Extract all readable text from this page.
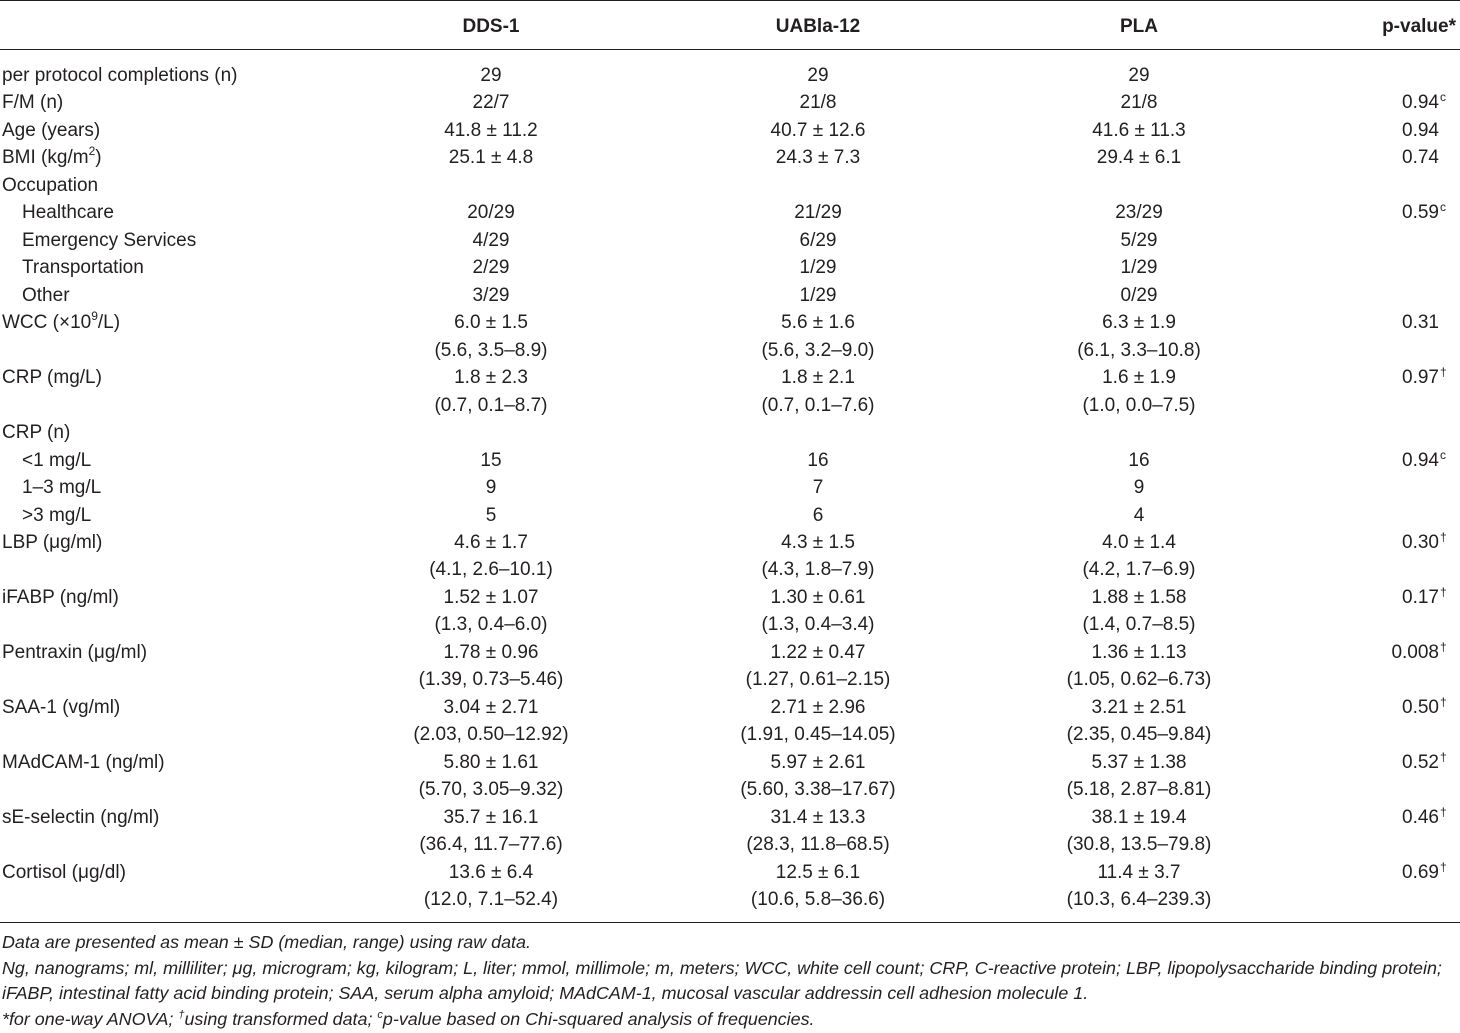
DDS-1	UABla-12	PLA	p-value*
per protocol completions (n)	29	29	29
F/M (n)	22/7	21/8	21/8	0.94 c
Age (years)	41.8 ± 11.2	40.7 ± 12.6	41.6 ± 11.3	0.94
BMI $(kg/m^2)$	25.1 ± 4.8	24.3 ± 7.3	29.4 ± 6.1	0.74
Occupation
Healthcare	20/29	21/29	23/29	0.59 c
Emergency Services	4/29	6/29	5/29
Transportation	2/29	1/29	1/29
Other	3/29	1/29	0/29
WCC $(\times 10^9/L)$	6.0 ± 1.5	5.6 ± 1.6	6.3 ± 1.9	0.31
(5.6, 3.5–8.9)	(5.6, 3.2–9.0)	(6.1, 3.3–10.8)
CRP (mg/L)	1.8 ± 2.3	1.8 ± 2.1	1.6 ± 1.9	0.97 †
(0.7, 0.1–8.7)	(0.7, 0.1–7.6)	(1.0, 0.0–7.5)
CRP (n)
<1 mg/L	15	16	16	0.94 c
1–3 mg/L	9	7	9
>3 mg/L	5	6	4
LBP (μg/ml)	4.6 ± 1.7	4.3 ± 1.5	4.0 ± 1.4	0.30 †
(4.1, 2.6–10.1)	(4.3, 1.8–7.9)	(4.2, 1.7–6.9)
iFABP (ng/ml)	1.52 ± 1.07	1.30 ± 0.61	1.88 ± 1.58	0.17 †
(1.3, 0.4–6.0)	(1.3, 0.4–3.4)	(1.4, 0.7–8.5)
Pentraxin (μg/ml)	1.78 ± 0.96	1.22 ± 0.47	1.36 ± 1.13	0.008 †
(1.39, 0.73–5.46)	(1.27, 0.61–2.15)	(1.05, 0.62–6.73)
SAA-1 (vg/ml)	3.04 ± 2.71	2.71 ± 2.96	3.21 ± 2.51	0.50 †
(2.03, 0.50–12.92)	(1.91, 0.45–14.05)	(2.35, 0.45–9.84)
MAdCAM-1 (ng/ml)	5.80 ± 1.61	5.97 ± 2.61	5.37 ± 1.38	0.52 †
(5.70, 3.05–9.32)	(5.60, 3.38–17.67)	(5.18, 2.87–8.81)
sE-selectin (ng/ml)	35.7 ± 16.1	31.4 ± 13.3	38.1 ± 19.4	0.46 †
(36.4, 11.7–77.6)	(28.3, 11.8–68.5)	(30.8, 13.5–79.8)
Cortisol (μg/dl)	13.6 ± 6.4	12.5 ± 6.1	11.4 ± 3.7	0.69 †
(12.0, 7.1–52.4)	(10.6, 5.8–36.6)	(10.3, 6.4–239.3)
Data are presented as mean ± SD (median, range) using raw data.
Ng, nanograms; ml, milliliter; μg, microgram; kg, kilogram; L, liter; mmol, millimole; m, meters; WCC, white cell count; CRP, C-reactive protein; LBP, lipopolysaccharide binding protein;
iFABP, intestinal fatty acid binding protein; SAA, serum alpha amyloid; MAdCAM-1, mucosal vascular addressin cell adhesion molecule 1.
*for one-way ANOVA; †using transformed data; $^c$p-value based on Chi-squared analysis of frequencies.
